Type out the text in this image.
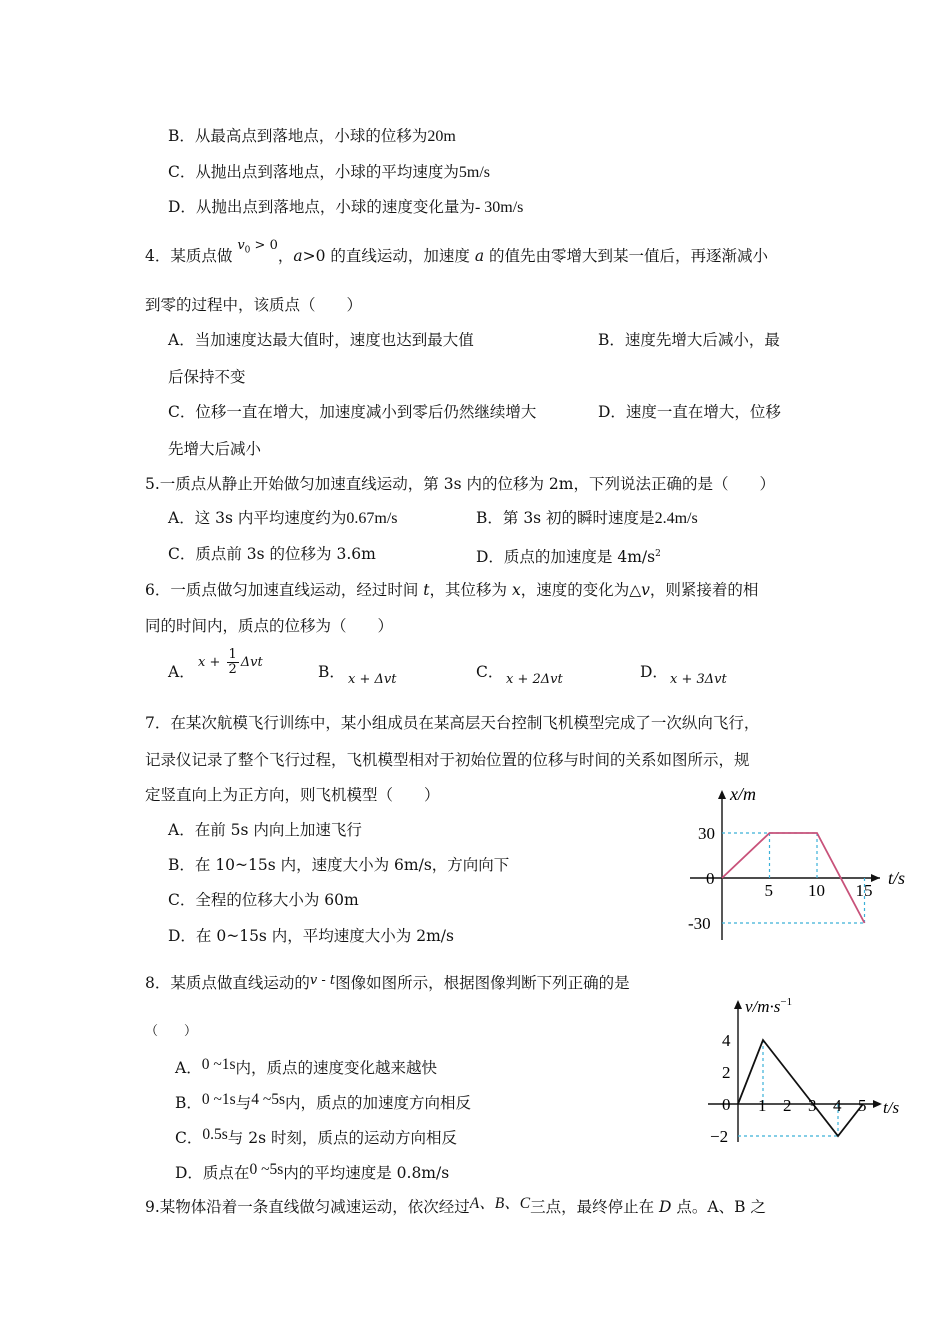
B．从最高点到落地点，小球的位移为20m
C．从抛出点到落地点，小球的平均速度为5m/s
D．从抛出点到落地点，小球的速度变化量为- 30m/s
4．某质点做 $^{v_0 > 0}$，a>0 的直线运动，加速度 a 的值先由零增大到某一值后，再逐渐减小
到零的过程中，该质点（　　）
A．当加速度达最大值时，速度也达到最大值	B．速度先增大后减小，最
后保持不变
C．位移一直在增大，加速度减小到零后仍然继续增大	D．速度一直在增大，位移
先增大后减小
5.一质点从静止开始做匀加速直线运动，第 3s 内的位移为 2m，下列说法正确的是（　　）
A．这 3s 内平均速度约为0.67m/s	B．第 3s 初的瞬时速度是2.4m/s
C．质点前 3s 的位移为 3.6m	D．质点的加速度是 $4m/s^2$
6．一质点做匀加速直线运动，经过时间 t，其位移为 x，速度的变化为△v，则紧接着的相
同的时间内，质点的位移为（　　）
A．
$x + \frac{1}{2}$ Δvt
B． x + Δvt	C． x + 2Δvt	D． x + 3Δvt
7．在某次航模飞行训练中，某小组成员在某高层天台控制飞机模型完成了一次纵向飞行，
记录仪记录了整个飞行过程，飞机模型相对于初始位置的位移与时间的关系如图所示，规
定竖直向上为正方向，则飞机模型（　　）
A．在前 5s 内向上加速飞行
B．在 10~15s 内，速度大小为 6m/s，方向向下
C．全程的位移大小为 60m
D．在 0~15s 内，平均速度大小为 2m/s
x/m
t/s
5 10 15
30
0
-30
8．某质点做直线运动的$^{v - t}$图像如图所示，根据图像判断下列正确的是
（　　）
A．0 ~1s内，质点的速度变化越来越快
B．0 ~1s与4 ~5s内，质点的加速度方向相反
C．0.5s与 2s 时刻，质点的运动方向相反
D．质点在0 ~5s内的平均速度是 0.8m/s
$v/m\cdot s^{-1}$
t/s
1 2 3 4 5
4
2
0
−2
9.某物体沿着一条直线做匀减速运动，依次经过A、B、C三点，最终停止在 D 点。A、B 之
